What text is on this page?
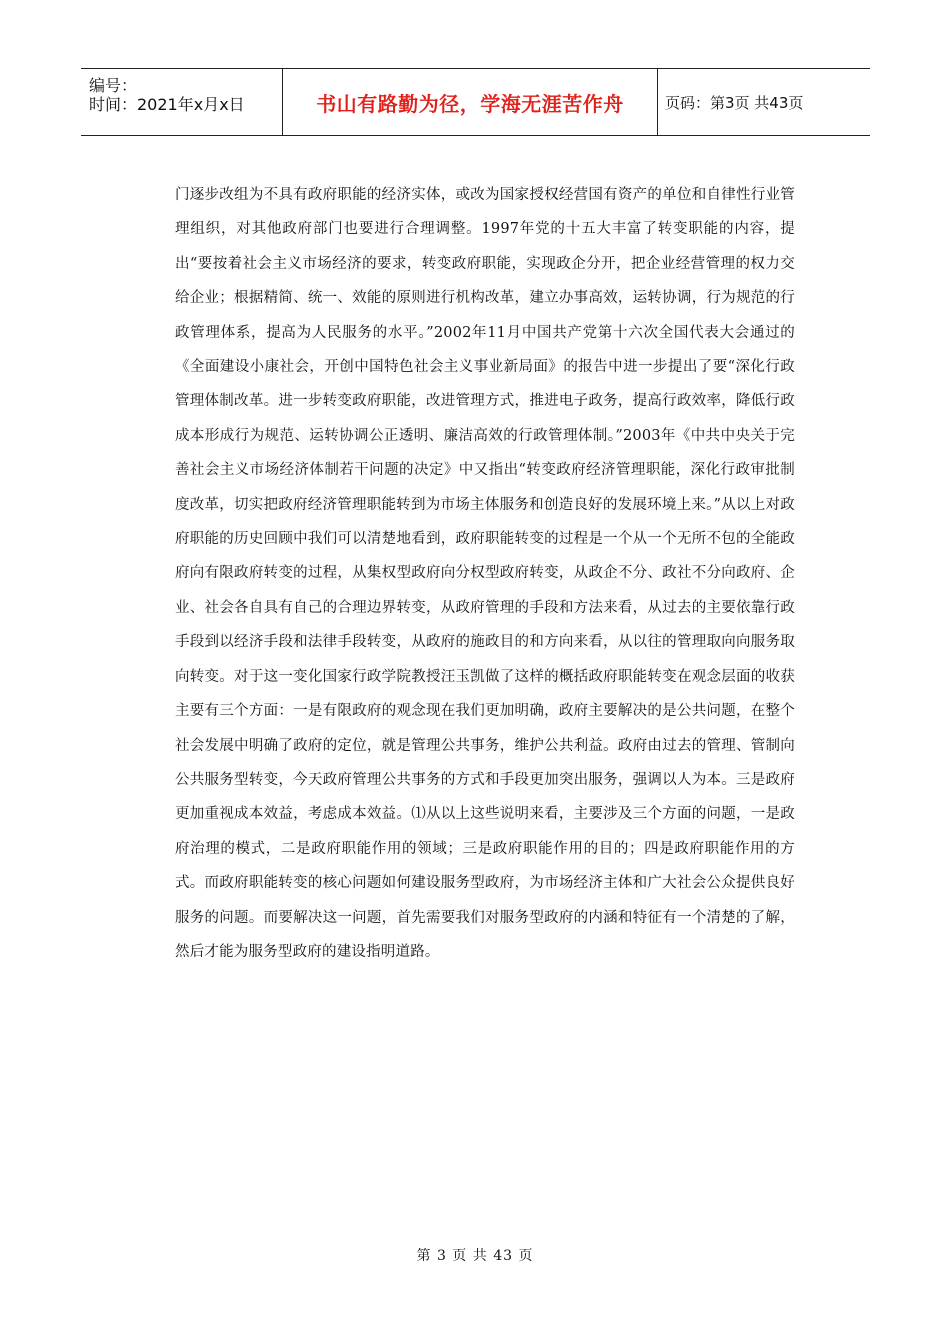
编号：
时间：2021年x月x日	书山有路勤为径，学海无涯苦作舟	页码：第3页 共43页
门逐步改组为不具有政府职能的经济实体，或改为国家授权经营国有资产的单位和自律性行业管理组织，对其他政府部门也要进行合理调整。1997年党的十五大丰富了转变职能的内容，提出“要按着社会主义市场经济的要求，转变政府职能，实现政企分开，把企业经营管理的权力交给企业；根据精简、统一、效能的原则进行机构改革，建立办事高效，运转协调，行为规范的行政管理体系，提高为人民服务的水平。”2002年11月中国共产党第十六次全国代表大会通过的《全面建设小康社会，开创中国特色社会主义事业新局面》的报告中进一步提出了要“深化行政管理体制改革。进一步转变政府职能，改进管理方式，推进电子政务，提高行政效率，降低行政成本形成行为规范、运转协调公正透明、廉洁高效的行政管理体制。”2003年《中共中央关于完善社会主义市场经济体制若干问题的决定》中又指出“转变政府经济管理职能，深化行政审批制度改革，切实把政府经济管理职能转到为市场主体服务和创造良好的发展环境上来。”从以上对政府职能的历史回顾中我们可以清楚地看到，政府职能转变的过程是一个从一个无所不包的全能政府向有限政府转变的过程，从集权型政府向分权型政府转变，从政企不分、政社不分向政府、企业、社会各自具有自己的合理边界转变，从政府管理的手段和方法来看，从过去的主要依靠行政手段到以经济手段和法律手段转变，从政府的施政目的和方向来看，从以往的管理取向向服务取向转变。对于这一变化国家行政学院教授汪玉凯做了这样的概括政府职能转变在观念层面的收获主要有三个方面：一是有限政府的观念现在我们更加明确，政府主要解决的是公共问题，在整个社会发展中明确了政府的定位，就是管理公共事务，维护公共利益。政府由过去的管理、管制向公共服务型转变，今天政府管理公共事务的方式和手段更加突出服务，强调以人为本。三是政府更加重视成本效益，考虑成本效益。⑴从以上这些说明来看，主要涉及三个方面的问题，一是政府治理的模式，二是政府职能作用的领域；三是政府职能作用的目的；四是政府职能作用的方式。而政府职能转变的核心问题如何建设服务型政府，为市场经济主体和广大社会公众提供良好服务的问题。而要解决这一问题，首先需要我们对服务型政府的内涵和特征有一个清楚的了解，然后才能为服务型政府的建设指明道路。
第 3 页 共 43 页
